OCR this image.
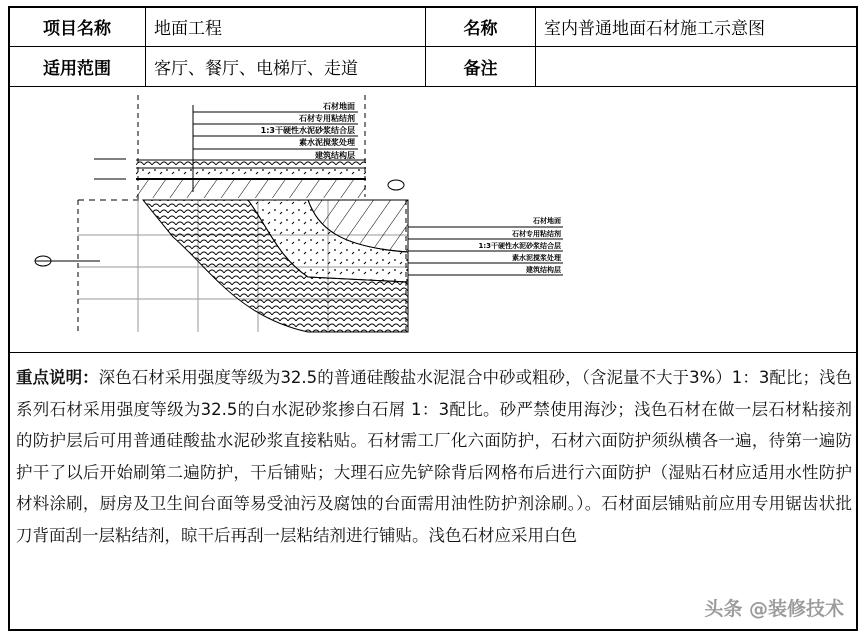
项目名称	地面工程	名称	室内普通地面石材施工示意图
适用范围	客厅、餐厅、电梯厅、走道	备注	
石材地面
石材专用粘结剂
1:3干硬性水泥砂浆结合层
素水泥搅浆处理
建筑结构层
石材地面
石材专用粘结剂
1:3干硬性水泥砂浆结合层
素水泥搅浆处理
建筑结构层
重点说明：深色石材采用强度等级为32.5的普通硅酸盐水泥混合中砂或粗砂，（含泥量不大于3%）1：3配比；浅色系列石材采用强度等级为32.5的白水泥砂浆掺白石屑 1：3配比。砂严禁使用海沙；浅色石材在做一层石材粘接剂的防护层后可用普通硅酸盐水泥砂浆直接粘贴。石材需工厂化六面防护，石材六面防护须纵横各一遍，待第一遍防护干了以后开始刷第二遍防护，干后铺贴；大理石应先铲除背后网格布后进行六面防护（湿贴石材应适用水性防护材料涂刷，厨房及卫生间台面等易受油污及腐蚀的台面需用油性防护剂涂刷。）。石材面层铺贴前应用专用锯齿状批刀背面刮一层粘结剂，晾干后再刮一层粘结剂进行铺贴。浅色石材应采用白色
头条 @装修技术
